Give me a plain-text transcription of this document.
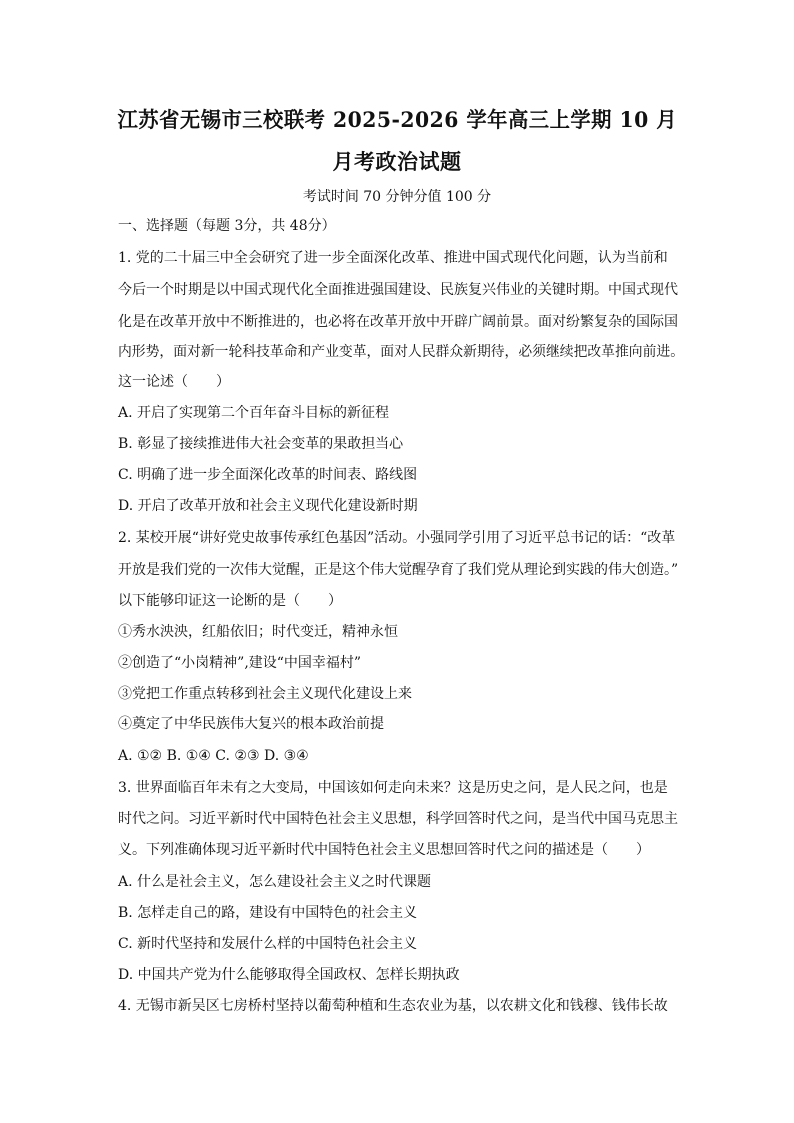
江苏省无锡市三校联考 2025-2026 学年高三上学期 10 月
月考政治试题
考试时间 70 分钟分值 100 分
一、选择题（每题 3分，共 48分）
1. 党的二十届三中全会研究了进一步全面深化改革、推进中国式现代化问题，认为当前和
今后一个时期是以中国式现代化全面推进强国建设、民族复兴伟业的关键时期。中国式现代
化是在改革开放中不断推进的，也必将在改革开放中开辟广阔前景。面对纷繁复杂的国际国
内形势，面对新一轮科技革命和产业变革，面对人民群众新期待，必须继续把改革推向前进。
这一论述（　　）
A. 开启了实现第二个百年奋斗目标的新征程
B. 彰显了接续推进伟大社会变革的果敢担当心
C. 明确了进一步全面深化改革的时间表、路线图
D. 开启了改革开放和社会主义现代化建设新时期
2. 某校开展“讲好党史故事传承红色基因”活动。小强同学引用了习近平总书记的话：“改革
开放是我们党的一次伟大觉醒，正是这个伟大觉醒孕育了我们党从理论到实践的伟大创造。”
以下能够印证这一论断的是（　　）
①秀水泱泱，红船依旧；时代变迁，精神永恒
②创造了“小岗精神”,建设“中国幸福村”
③党把工作重点转移到社会主义现代化建设上来
④奠定了中华民族伟大复兴的根本政治前提
A. ①② B. ①④ C. ②③ D. ③④
3. 世界面临百年未有之大变局，中国该如何走向未来？这是历史之问，是人民之问，也是
时代之问。习近平新时代中国特色社会主义思想，科学回答时代之问，是当代中国马克思主
义。下列准确体现习近平新时代中国特色社会主义思想回答时代之问的描述是（　　）
A. 什么是社会主义，怎么建设社会主义之时代课题
B. 怎样走自己的路，建设有中国特色的社会主义
C. 新时代坚持和发展什么样的中国特色社会主义
D. 中国共产党为什么能够取得全国政权、怎样长期执政
4. 无锡市新吴区七房桥村坚持以葡萄种植和生态农业为基，以农耕文化和钱穆、钱伟长故
